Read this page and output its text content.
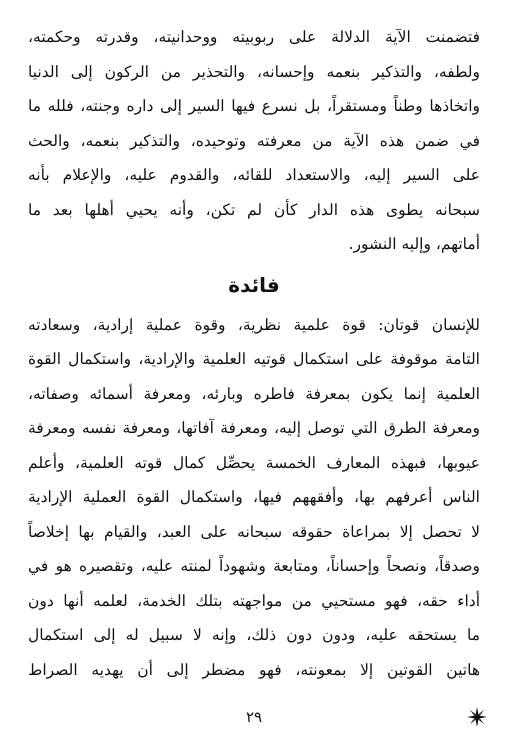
فتضمنت الآية الدلالة على ربوبيته ووحدانيته، وقدرته وحكمته،
ولطفه، والتذكير بنعمه وإحسانه، والتحذير من الركون إلى الدنيا
واتخاذها وطناً ومستقراً، بل نسرع فيها السير إلى داره وجنته، فلله ما
في ضمن هذه الآية من معرفته وتوحيده، والتذكير بنعمه، والحث
على السير إليه، والاستعداد للقائه، والقدوم عليه، والإعلام بأنه
سبحانه يطوى هذه الدار كأن لم تكن، وأنه يحيي أهلها بعد ما
أماتهم، وإليه النشور.
فائدة
للإنسان قوتان: قوة علمية نظرية، وقوة عملية إرادية، وسعادته
التامة موقوفة على استكمال قوتيه العلمية والإرادية، واستكمال القوة
العلمية إنما يكون بمعرفة فاطره وبارئه، ومعرفة أسمائه وصفاته،
ومعرفة الطرق التي توصل إليه، ومعرفة آفاتها، ومعرفة نفسه ومعرفة
عيوبها، فبهذه المعارف الخمسة يحصِّل كمال قوته العلمية، وأعلم
الناس أعرفهم بها، وأفقههم فيها، واستكمال القوة العملية الإرادية
لا تحصل إلا بمراعاة حقوقه سبحانه على العبد، والقيام بها إخلاصاً
وصدقاً، ونصحاً وإحساناً، ومتابعة وشهوداً لمنته عليه، وتقصيره هو في
أداء حقه، فهو مستحيي من مواجهته بتلك الخدمة، لعلمه أنها دون
ما يستحقه عليه، ودون دون ذلك، وإنه لا سبيل له إلى استكمال
هاتين القوتين إلا بمعونته، فهو مضطر إلى أن يهديه الصراط
٢٩
